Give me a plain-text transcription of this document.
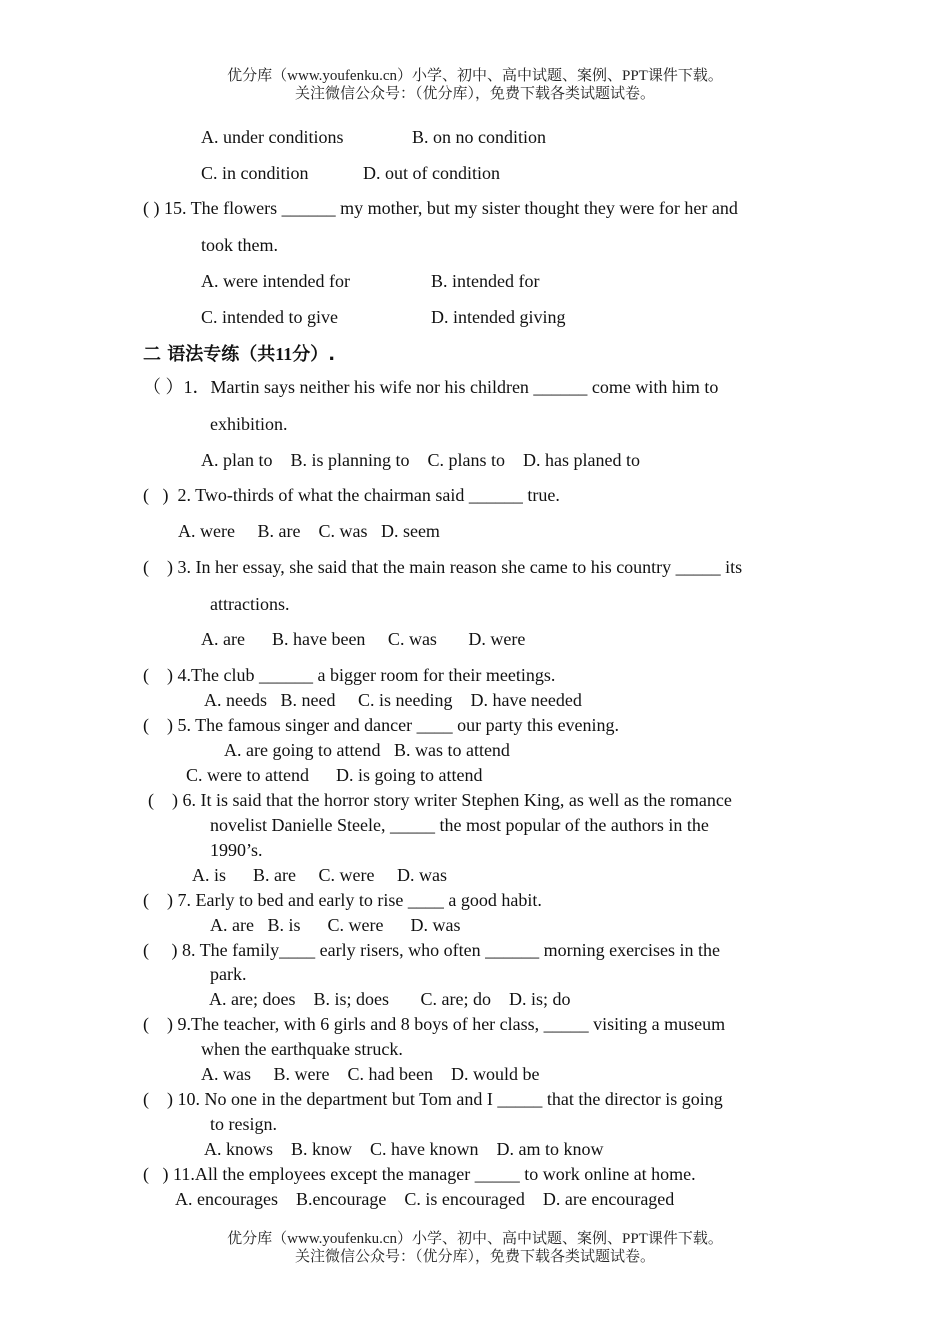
优分库（www.youfenku.cn）小学、初中、高中试题、案例、PPT课件下载。
关注微信公众号：（优分库），免费下载各类试题试卷。
A. under conditions	B. on no condition
C. in condition	D. out of condition
( ) 15. The flowers ______ my mother, but my sister thought they were for her and
took them.
A. were intended for	B. intended for
C. intended to give	D. intended giving
二 语法专练（共11分）.
（ ）1．Martin says neither his wife nor his children ______ come with him to
exhibition.
A. plan to    B. is planning to    C. plans to    D. has planed to
(   )  2. Two-thirds of what the chairman said ______ true.
A. were     B. are    C. was   D. seem
(    ) 3. In her essay, she said that the main reason she came to his country _____ its
attractions.
A. are      B. have been     C. was       D. were
(    ) 4.The club ______ a bigger room for their meetings.
A. needs   B. need     C. is needing    D. have needed
(    ) 5. The famous singer and dancer ____ our party this evening.
A. are going to attend   B. was to attend
C. were to attend      D. is going to attend
(    ) 6. It is said that the horror story writer Stephen King, as well as the romance
novelist Danielle Steele, _____ the most popular of the authors in the
1990’s.
A. is      B. are     C. were     D. was
(    ) 7. Early to bed and early to rise ____ a good habit.
A. are   B. is      C. were      D. was
(     ) 8. The family____ early risers, who often ______ morning exercises in the
park.
A. are; does    B. is; does       C. are; do    D. is; do
(    ) 9.The teacher, with 6 girls and 8 boys of her class, _____ visiting a museum
when the earthquake struck.
A. was     B. were    C. had been    D. would be
(    ) 10. No one in the department but Tom and I _____ that the director is going
to resign.
A. knows    B. know    C. have known    D. am to know
(   ) 11.All the employees except the manager _____ to work online at home.
A. encourages    B.encourage    C. is encouraged    D. are encouraged
优分库（www.youfenku.cn）小学、初中、高中试题、案例、PPT课件下载。
关注微信公众号：（优分库），免费下载各类试题试卷。
